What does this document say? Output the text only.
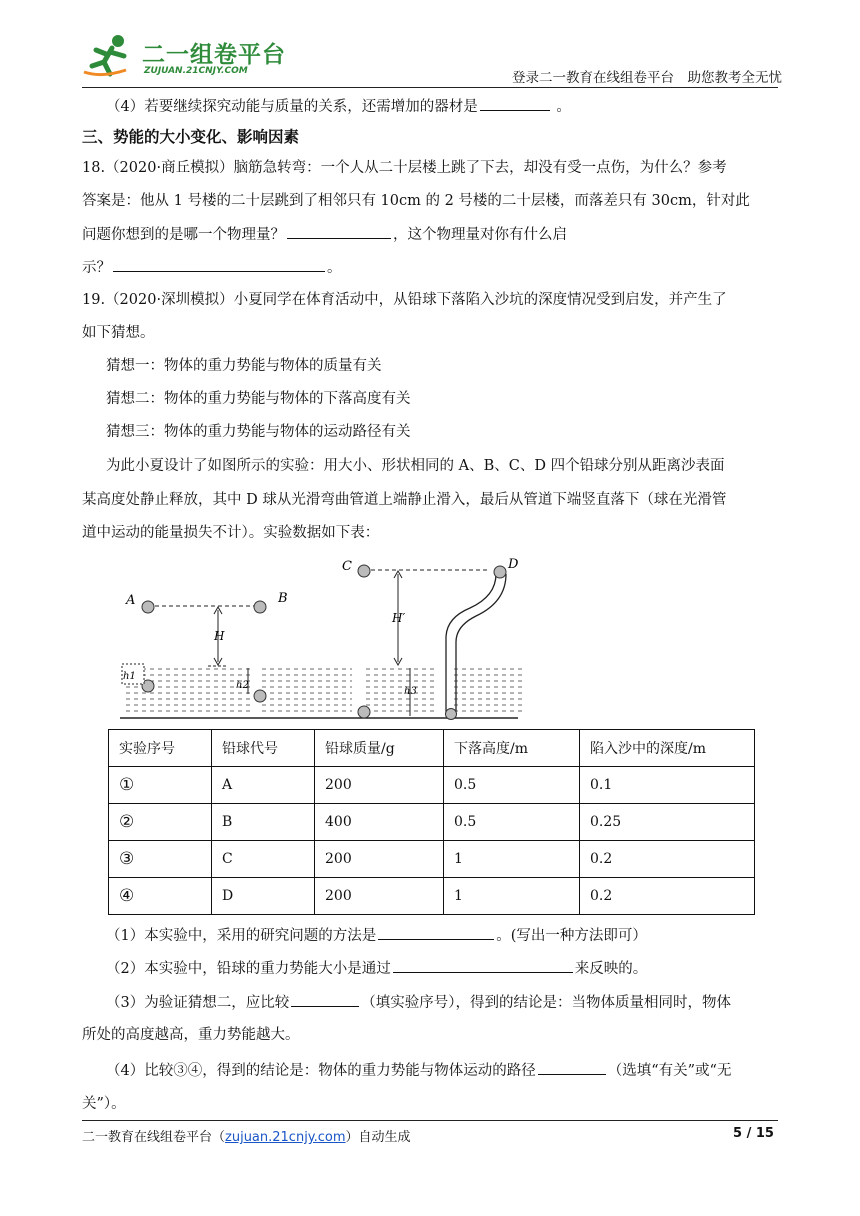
二一组卷平台
ZUJUAN.21CNJY.COM	登录二一教育在线组卷平台　助您教考全无忧
（4）若要继续探究动能与质量的关系，还需增加的器材是	。
三、势能的大小变化、影响因素
18.（2020·商丘模拟）脑筋急转弯：一个人从二十层楼上跳了下去，却没有受一点伤，为什么？参考
答案是：他从 1 号楼的二十层跳到了相邻只有 10cm 的 2 号楼的二十层楼，而落差只有 30cm，针对此
问题你想到的是哪一个物理量？	，这个物理量对你有什么启
示？	。
19.（2020·深圳模拟）小夏同学在体育活动中，从铅球下落陷入沙坑的深度情况受到启发，并产生了
如下猜想。
猜想一：物体的重力势能与物体的质量有关
猜想二：物体的重力势能与物体的下落高度有关
猜想三：物体的重力势能与物体的运动路径有关
为此小夏设计了如图所示的实验：用大小、形状相同的 A、B、C、D 四个铅球分别从距离沙表面
某高度处静止释放，其中 D 球从光滑弯曲管道上端静止滑入，最后从管道下端竖直落下（球在光滑管
道中运动的能量损失不计）。实验数据如下表：
A	B
H
h1
h2
C
H′
h3
D
实验序号	铅球代号	铅球质量/g	下落高度/m	陷入沙中的深度/m
①	A	200	0.5	0.1
②	B	400	0.5	0.25
③	C	200	1	0.2
④	D	200	1	0.2
（1）本实验中，采用的研究问题的方法是	。(写出一种方法即可）
（2）本实验中，铅球的重力势能大小是通过	来反映的。
（3）为验证猜想二，应比较	（填实验序号），得到的结论是：当物体质量相同时，物体
所处的高度越高，重力势能越大。
（4）比较③④，得到的结论是：物体的重力势能与物体运动的路径	（选填“有关”或“无
关”）。
二一教育在线组卷平台（zujuan.21cnjy.com）自动生成	5 / 15
